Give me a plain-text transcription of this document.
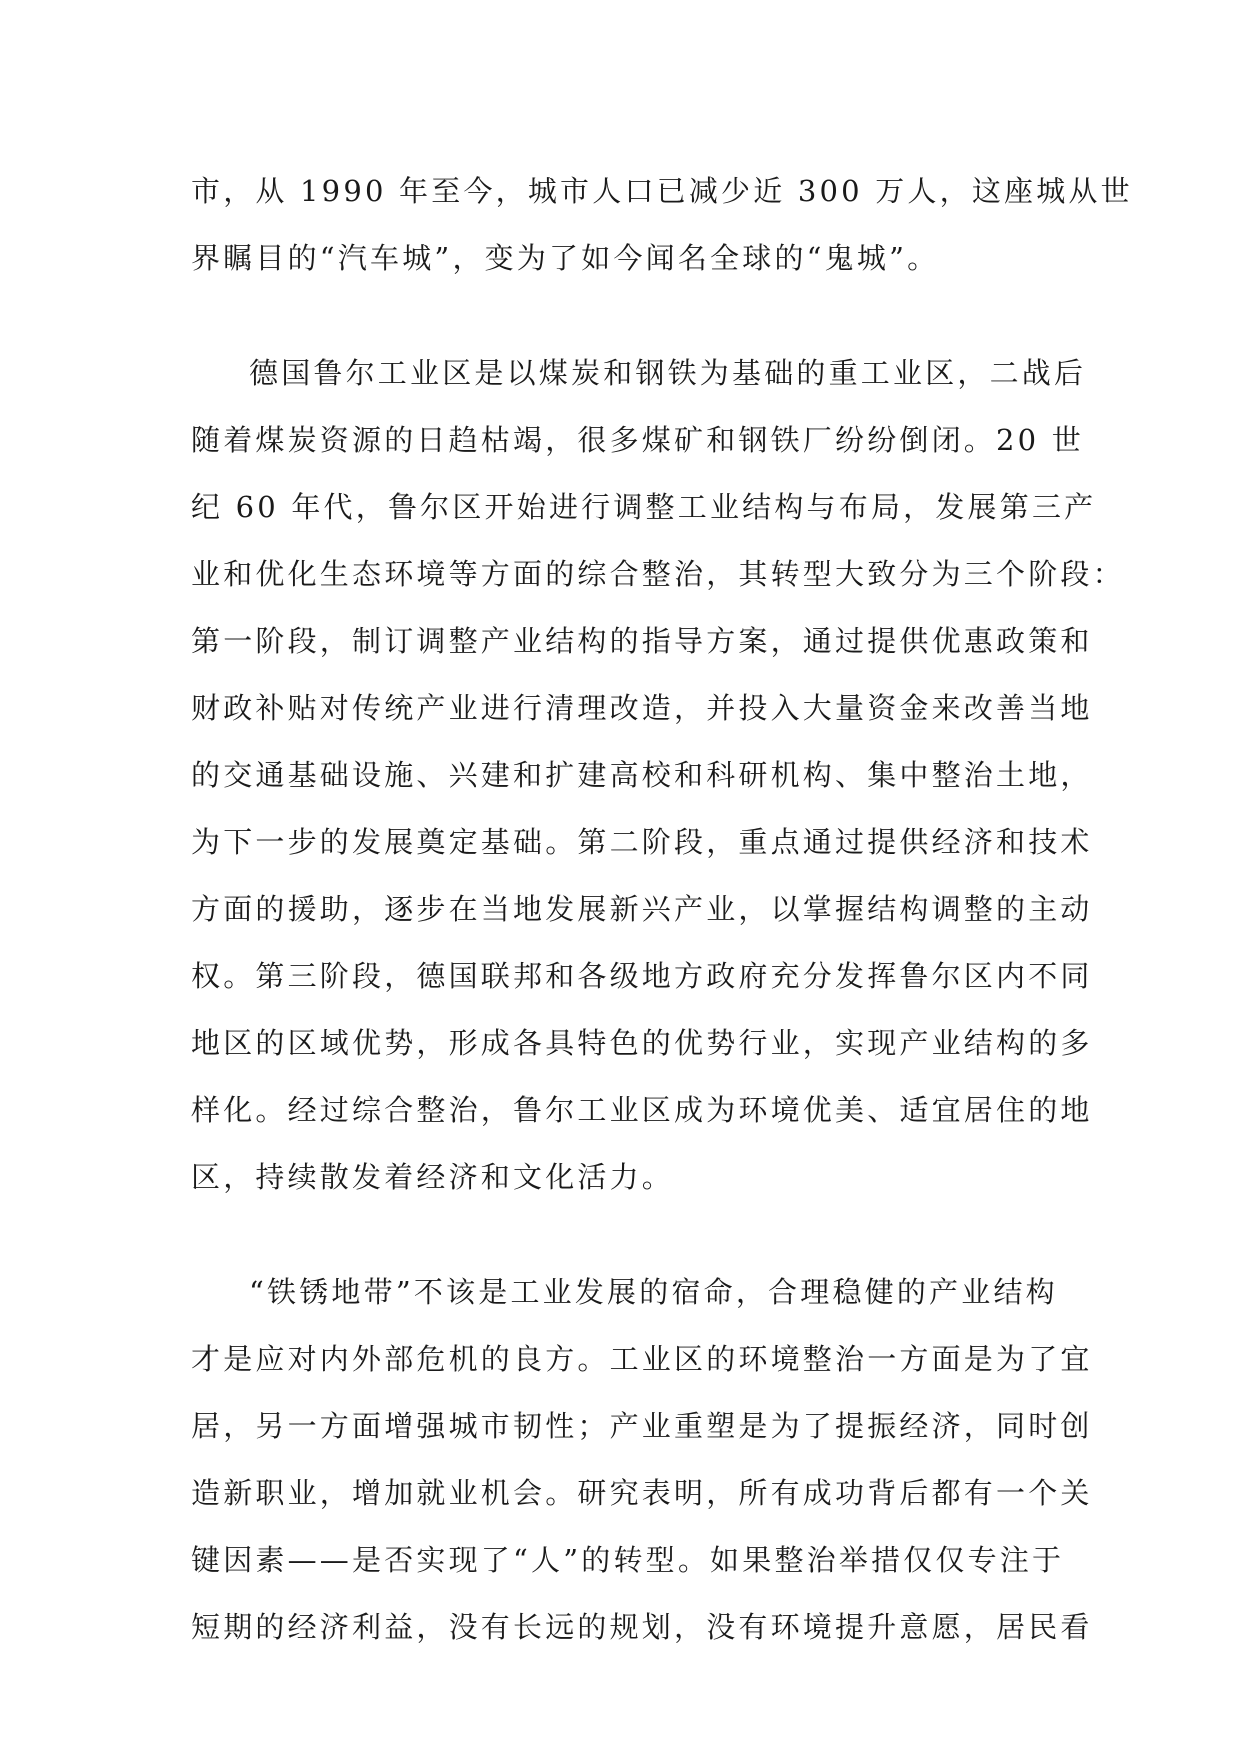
市，从 1990 年至今，城市人口已减少近 300 万人，这座城从世
界瞩目的“汽车城”，变为了如今闻名全球的“鬼城”。
德国鲁尔工业区是以煤炭和钢铁为基础的重工业区，二战后
随着煤炭资源的日趋枯竭，很多煤矿和钢铁厂纷纷倒闭。20 世
纪 60 年代，鲁尔区开始进行调整工业结构与布局，发展第三产
业和优化生态环境等方面的综合整治，其转型大致分为三个阶段：
第一阶段，制订调整产业结构的指导方案，通过提供优惠政策和
财政补贴对传统产业进行清理改造，并投入大量资金来改善当地
的交通基础设施、兴建和扩建高校和科研机构、集中整治土地，
为下一步的发展奠定基础。第二阶段，重点通过提供经济和技术
方面的援助，逐步在当地发展新兴产业，以掌握结构调整的主动
权。第三阶段，德国联邦和各级地方政府充分发挥鲁尔区内不同
地区的区域优势，形成各具特色的优势行业，实现产业结构的多
样化。经过综合整治，鲁尔工业区成为环境优美、适宜居住的地
区，持续散发着经济和文化活力。
“铁锈地带”不该是工业发展的宿命，合理稳健的产业结构
才是应对内外部危机的良方。工业区的环境整治一方面是为了宜
居，另一方面增强城市韧性；产业重塑是为了提振经济，同时创
造新职业，增加就业机会。研究表明，所有成功背后都有一个关
键因素——是否实现了“人”的转型。如果整治举措仅仅专注于
短期的经济利益，没有长远的规划，没有环境提升意愿，居民看
